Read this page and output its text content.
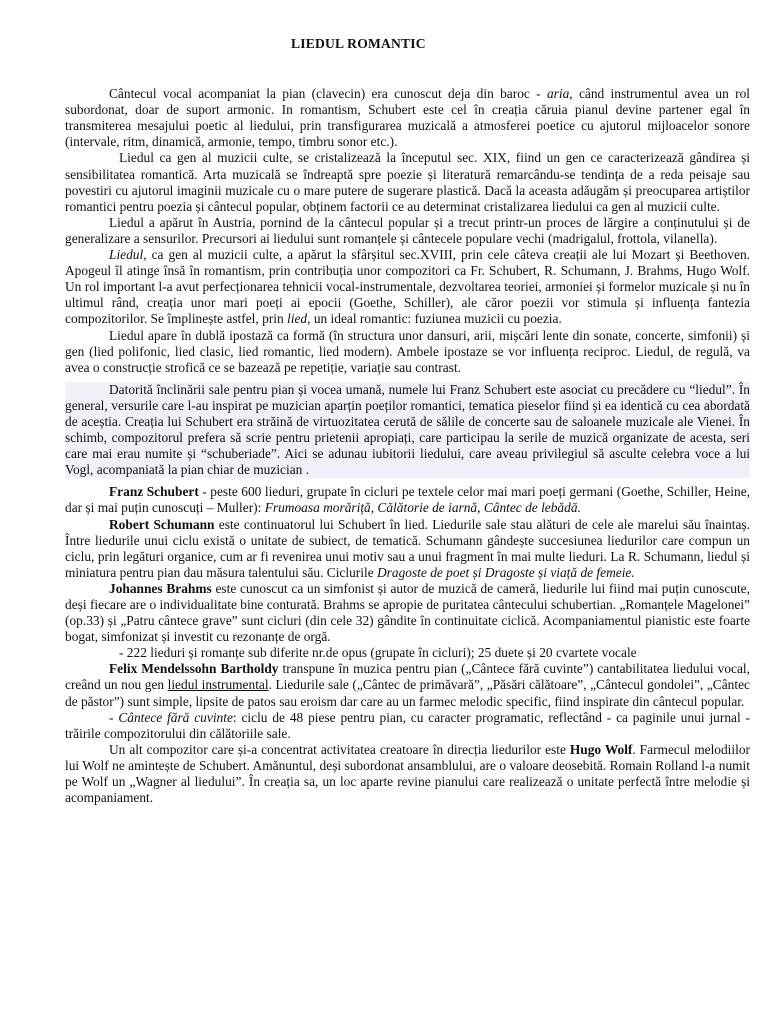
LIEDUL ROMANTIC

Cântecul vocal acompaniat la pian (clavecin) era cunoscut deja din baroc - aria, când instrumentul avea un rol subordonat, doar de suport armonic. In romantism, Schubert este cel în creația căruia pianul devine partener egal în transmiterea mesajului poetic al liedului, prin transfigurarea muzicală a atmosferei poetice cu ajutorul mijloacelor sonore (intervale, ritm, dinamică, armonie, tempo, timbru sonor etc.).

Liedul ca gen al muzicii culte, se cristalizează la începutul sec. XIX, fiind un gen ce caracterizează gândirea și sensibilitatea romantică. Arta muzicală se îndreaptă spre poezie și literatură remarcându-se tendința de a reda peisaje sau povestiri cu ajutorul imaginii muzicale cu o mare putere de sugerare plastică. Dacă la aceasta adăugăm și preocuparea artiștilor romantici pentru poezia și cântecul popular, obținem factorii ce au determinat cristalizarea liedului ca gen al muzicii culte.

Liedul a apărut în Austria, pornind de la cântecul popular și a trecut printr-un proces de lărgire a conținutului și de generalizare a sensurilor. Precursori ai liedului sunt romanțele și cântecele populare vechi (madrigalul, frottola, vilanella).

Liedul, ca gen al muzicii culte, a apărut la sfârșitul sec.XVIII, prin cele câteva creații ale lui Mozart și Beethoven. Apogeul îl atinge însă în romantism, prin contribuția unor compozitori ca Fr. Schubert, R. Schumann, J. Brahms, Hugo Wolf. Un rol important l-a avut perfecționarea tehnicii vocal-instrumentale, dezvoltarea teoriei, armoniei și formelor muzicale și nu în ultimul rând, creația unor mari poeți ai epocii (Goethe, Schiller), ale căror poezii vor stimula și influența fantezia compozitorilor. Se împlinește astfel, prin lied, un ideal romantic: fuziunea muzicii cu poezia.

Liedul apare în dublă ipostază ca formă (în structura unor dansuri, arii, mișcări lente din sonate, concerte, simfonii) și gen (lied polifonic, lied clasic, lied romantic, lied modern). Ambele ipostaze se vor influența reciproc. Liedul, de regulă, va avea o construcție strofică ce se bazează pe repetiție, variație sau contrast.

Datorită înclinării sale pentru pian și vocea umană, numele lui Franz Schubert este asociat cu precădere cu “liedul”. În general, versurile care l-au inspirat pe muzician aparțin poeților romantici, tematica pieselor fiind și ea identică cu cea abordată de aceștia. Creația lui Schubert era străină de virtuozitatea cerută de sălile de concerte sau de saloanele muzicale ale Vienei. În schimb, compozitorul prefera să scrie pentru prietenii apropiați, care participau la serile de muzică organizate de acesta, seri care mai erau numite și “schuberiade”. Aici se adunau iubitorii liedului, care aveau privilegiul să asculte celebra voce a lui Vogl, acompaniată la pian chiar de muzician .

Franz Schubert - peste 600 lieduri, grupate în cicluri pe textele celor mai mari poeți germani (Goethe, Schiller, Heine, dar și mai puțin cunoscuți – Muller): Frumoasa morăriță, Călătorie de iarnă, Cântec de lebădă.

Robert Schumann este continuatorul lui Schubert în lied. Liedurile sale stau alături de cele ale marelui său înaintaș. Între liedurile unui ciclu există o unitate de subiect, de tematică. Schumann gândește succesiunea liedurilor care compun un ciclu, prin legături organice, cum ar fi revenirea unui motiv sau a unui fragment în mai multe lieduri. La R. Schumann, liedul și miniatura pentru pian dau măsura talentului său. Ciclurile Dragoste de poet și Dragoste și viață de femeie.

Johannes Brahms este cunoscut ca un simfonist și autor de muzică de cameră, liedurile lui fiind mai puțin cunoscute, deși fiecare are o individualitate bine conturată. Brahms se apropie de puritatea cântecului schubertian. „Romanțele Magelonei” (op.33) și „Patru cântece grave” sunt cicluri (din cele 32) gândite în continuitate ciclică. Acompaniamentul pianistic este foarte bogat, simfonizat și investit cu rezonanțe de orgă.

- 222 lieduri și romanțe sub diferite nr.de opus (grupate în cicluri); 25 duete și 20 cvartete vocale

Felix Mendelssohn Bartholdy transpune în muzica pentru pian („Cântece fără cuvinte”) cantabilitatea liedului vocal, creând un nou gen liedul instrumental. Liedurile sale („Cântec de primăvară”, „Păsări călătoare”, „Cântecul gondolei”, „Cântec de păstor”) sunt simple, lipsite de patos sau eroism dar care au un farmec melodic specific, fiind inspirate din cântecul popular.

- Cântece fără cuvinte: ciclu de 48 piese pentru pian, cu caracter programatic, reflectând - ca paginile unui jurnal - trăirile compozitorului din călătoriile sale.

Un alt compozitor care și-a concentrat activitatea creatoare în direcția liedurilor este Hugo Wolf. Farmecul melodiilor lui Wolf ne amintește de Schubert. Amănuntul, deși subordonat ansamblului, are o valoare deosebită. Romain Rolland l-a numit pe Wolf un „Wagner al liedului”. În creația sa, un loc aparte revine pianului care realizează o unitate perfectă între melodie și acompaniament.
